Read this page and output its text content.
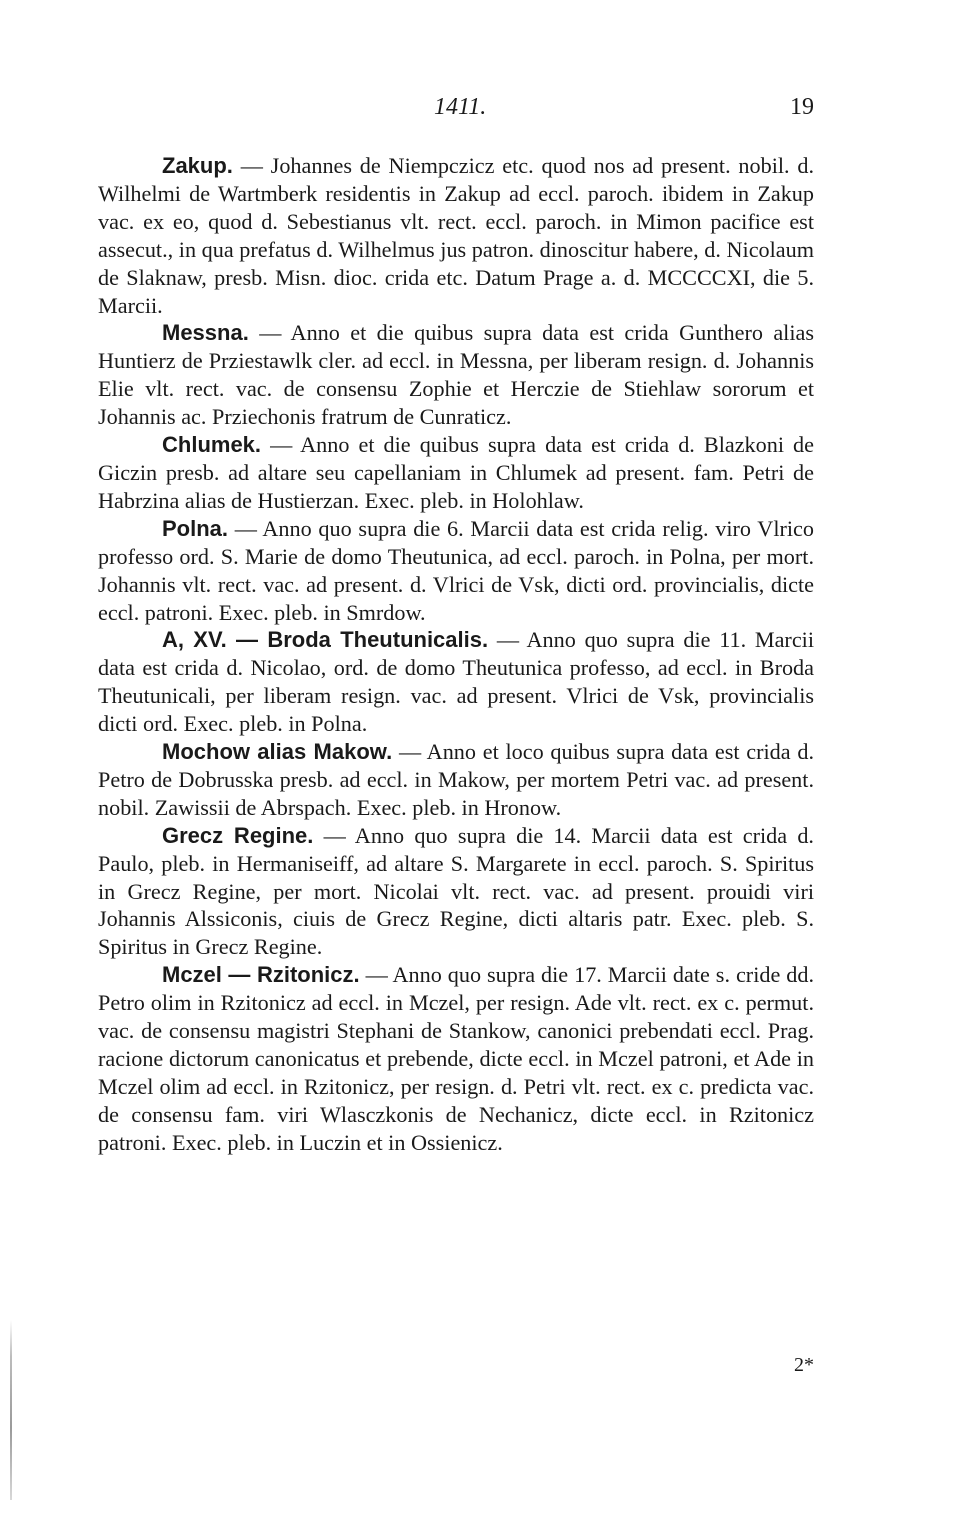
1411.	19

Zakup. — Johannes de Niempczicz etc. quod nos ad present. nobil. d. Wilhelmi de Wartmberk residentis in Zakup ad eccl. paroch. ibidem in Zakup vac. ex eo, quod d. Sebestianus vlt. rect. eccl. paroch. in Mimon pacifice est assecut., in qua prefatus d. Wilhelmus jus patron. dinoscitur habere, d. Nicolaum de Slaknaw, presb. Misn. dioc. crida etc. Datum Prage a. d. MCCCCXI, die 5. Marcii.

Messna. — Anno et die quibus supra data est crida Gunthero alias Huntierz de Prziestawlk cler. ad eccl. in Messna, per liberam resign. d. Johannis Elie vlt. rect. vac. de consensu Zophie et Herczie de Stiehlaw sororum et Johannis ac. Prziechonis fratrum de Cunraticz.

Chlumek. — Anno et die quibus supra data est crida d. Blazkoni de Giczin presb. ad altare seu capellaniam in Chlumek ad present. fam. Petri de Habrzina alias de Hustierzan. Exec. pleb. in Holohlaw.

Polna. — Anno quo supra die 6. Marcii data est crida relig. viro Vlrico professo ord. S. Marie de domo Theutunica, ad eccl. paroch. in Polna, per mort. Johannis vlt. rect. vac. ad present. d. Vlrici de Vsk, dicti ord. provincialis, dicte eccl. patroni. Exec. pleb. in Smrdow.

A, XV. — Broda Theutunicalis. — Anno quo supra die 11. Marcii data est crida d. Nicolao, ord. de domo Theutunica professo, ad eccl. in Broda Theutunicali, per liberam resign. vac. ad present. Vlrici de Vsk, provincialis dicti ord. Exec. pleb. in Polna.

Mochow alias Makow. — Anno et loco quibus supra data est crida d. Petro de Dobrusska presb. ad eccl. in Makow, per mortem Petri vac. ad present. nobil. Zawissii de Abrspach. Exec. pleb. in Hronow.

Grecz Regine. — Anno quo supra die 14. Marcii data est crida d. Paulo, pleb. in Hermaniseiff, ad altare S. Margarete in eccl. paroch. S. Spiritus in Grecz Regine, per mort. Nicolai vlt. rect. vac. ad present. prouidi viri Johannis Alssiconis, ciuis de Grecz Regine, dicti altaris patr. Exec. pleb. S. Spiritus in Grecz Regine.

Mczel — Rzitonicz. — Anno quo supra die 17. Marcii date s. cride dd. Petro olim in Rzitonicz ad eccl. in Mczel, per resign. Ade vlt. rect. ex c. permut. vac. de consensu magistri Stephani de Stankow, canonici prebendati eccl. Prag. racione dictorum canonicatus et prebende, dicte eccl. in Mczel patroni, et Ade in Mczel olim ad eccl. in Rzitonicz, per resign. d. Petri vlt. rect. ex c. predicta vac. de consensu fam. viri Wlasczkonis de Nechanicz, dicte eccl. in Rzitonicz patroni. Exec. pleb. in Luczin et in Ossienicz.

2*
